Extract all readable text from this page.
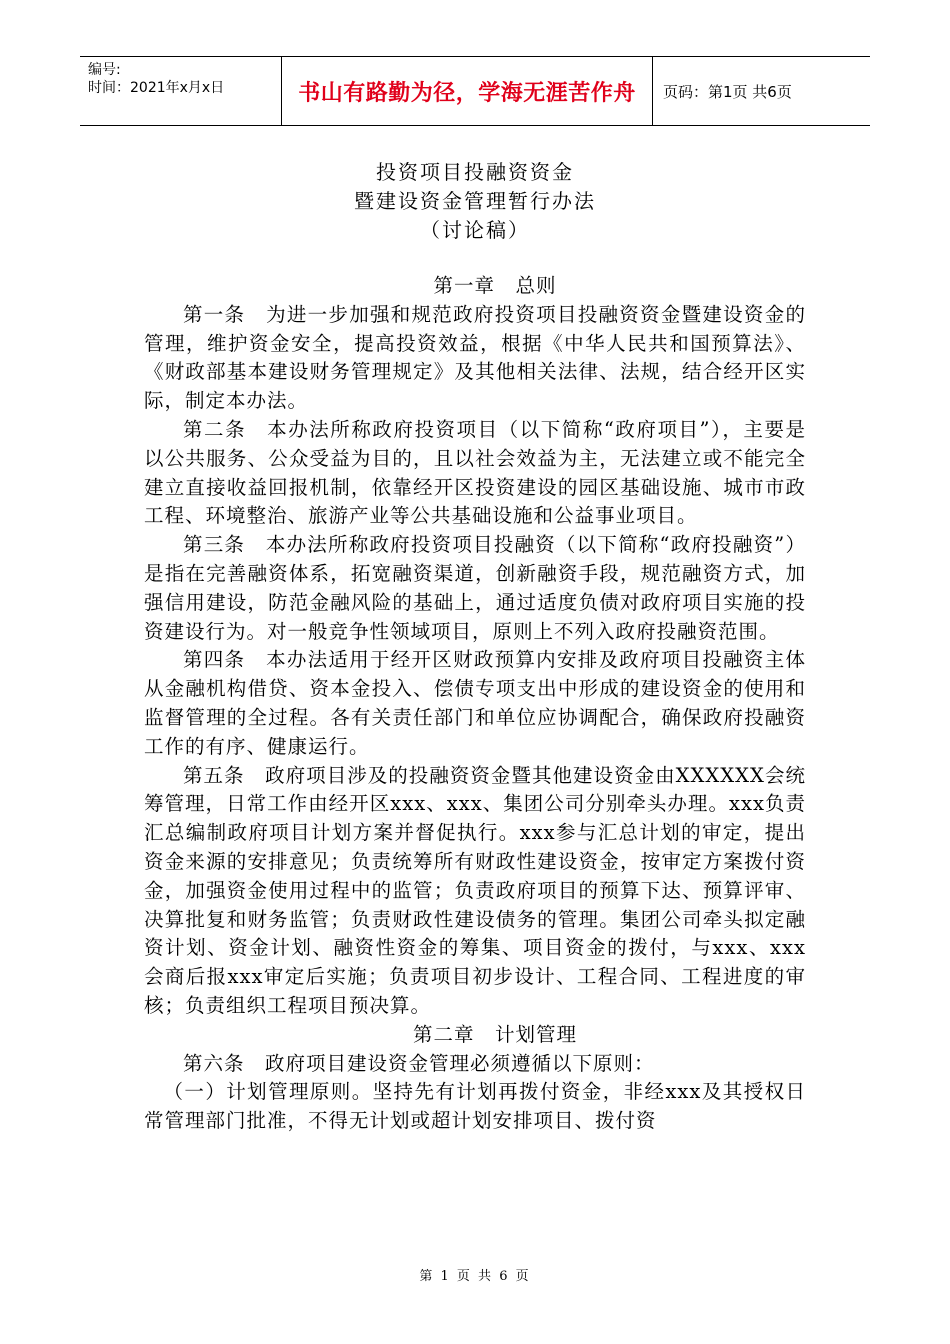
编号:
时间：2021年x月x日	书山有路勤为径，学海无涯苦作舟	页码：第1页 共6页
投资项目投融资资金
暨建设资金管理暂行办法
（讨论稿）

第一章　总则

第一条　为进一步加强和规范政府投资项目投融资资金暨建设资金的管理，维护资金安全，提高投资效益，根据《中华人民共和国预算法》、《财政部基本建设财务管理规定》及其他相关法律、法规，结合经开区实际，制定本办法。

第二条　本办法所称政府投资项目（以下简称“政府项目”），主要是以公共服务、公众受益为目的，且以社会效益为主，无法建立或不能完全建立直接收益回报机制，依靠经开区投资建设的园区基础设施、城市市政工程、环境整治、旅游产业等公共基础设施和公益事业项目。

第三条　本办法所称政府投资项目投融资（以下简称“政府投融资”）是指在完善融资体系，拓宽融资渠道，创新融资手段，规范融资方式，加强信用建设，防范金融风险的基础上，通过适度负债对政府项目实施的投资建设行为。对一般竞争性领域项目，原则上不列入政府投融资范围。

第四条　本办法适用于经开区财政预算内安排及政府项目投融资主体从金融机构借贷、资本金投入、偿债专项支出中形成的建设资金的使用和监督管理的全过程。各有关责任部门和单位应协调配合，确保政府投融资工作的有序、健康运行。

第五条　政府项目涉及的投融资资金暨其他建设资金由XXXXXX会统筹管理，日常工作由经开区xxx、xxx、集团公司分别牵头办理。xxx负责汇总编制政府项目计划方案并督促执行。xxx参与汇总计划的审定，提出资金来源的安排意见；负责统筹所有财政性建设资金，按审定方案拨付资金，加强资金使用过程中的监管；负责政府项目的预算下达、预算评审、决算批复和财务监管；负责财政性建设债务的管理。集团公司牵头拟定融资计划、资金计划、融资性资金的筹集、项目资金的拨付，与xxx、xxx会商后报xxx审定后实施；负责项目初步设计、工程合同、工程进度的审核；负责组织工程项目预决算。

第二章　计划管理

第六条　政府项目建设资金管理必须遵循以下原则：

（一）计划管理原则。坚持先有计划再拨付资金，非经xxx及其授权日常管理部门批准，不得无计划或超计划安排项目、拨付资

第 1 页 共 6 页
